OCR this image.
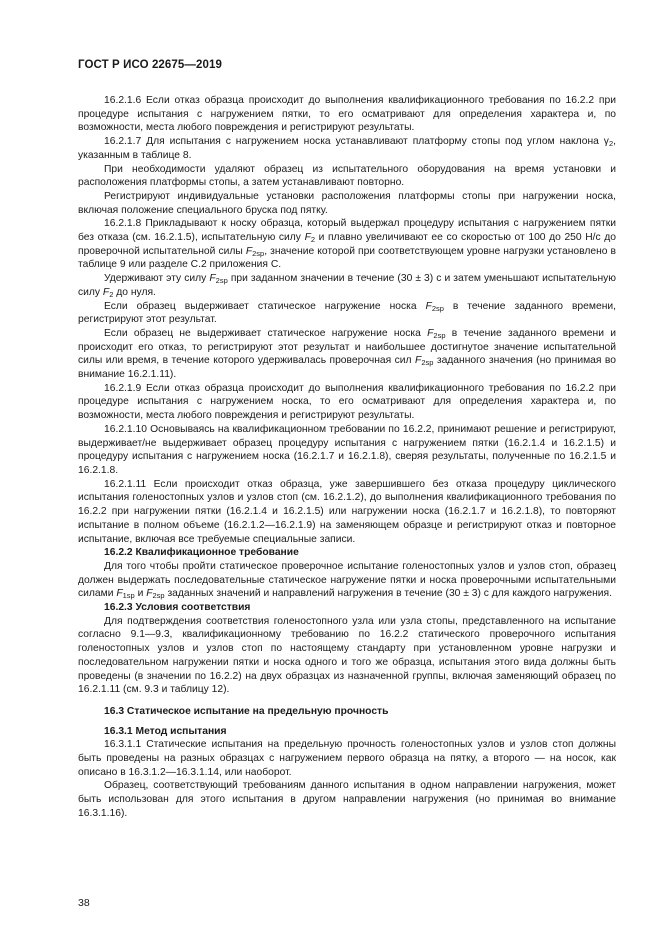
ГОСТ Р ИСО 22675—2019

16.2.1.6 Если отказ образца происходит до выполнения квалификационного требования по 16.2.2 при процедуре испытания с нагружением пятки, то его осматривают для определения характера и, по возможности, места любого повреждения и регистрируют результаты.

16.2.1.7 Для испытания с нагружением носка устанавливают платформу стопы под углом наклона $\gamma_2$, указанным в таблице 8.

При необходимости удаляют образец из испытательного оборудования на время установки и расположения платформы стопы, а затем устанавливают повторно.

Регистрируют индивидуальные установки расположения платформы стопы при нагружении носка, включая положение специального бруска под пятку.

16.2.1.8 Прикладывают к носку образца, который выдержал процедуру испытания с нагружением пятки без отказа (см. 16.2.1.5), испытательную силу $F_2$ и плавно увеличивают ее со скоростью от 100 до 250 Н/с до проверочной испытательной силы $F_{2sp}$, значение которой при соответствующем уровне нагрузки установлено в таблице 9 или разделе С.2 приложения С.

Удерживают эту силу $F_{2sp}$ при заданном значении в течение (30 ± 3) с и затем уменьшают испытательную силу $F_2$ до нуля.

Если образец выдерживает статическое нагружение носка $F_{2sp}$ в течение заданного времени, регистрируют этот результат.

Если образец не выдерживает статическое нагружение носка $F_{2sp}$ в течение заданного времени и происходит его отказ, то регистрируют этот результат и наибольшее достигнутое значение испытательной силы или время, в течение которого удерживалась проверочная сил $F_{2sp}$ заданного значения (но принимая во внимание 16.2.1.11).

16.2.1.9 Если отказ образца происходит до выполнения квалификационного требования по 16.2.2 при процедуре испытания с нагружением носка, то его осматривают для определения характера и, по возможности, места любого повреждения и регистрируют результаты.

16.2.1.10 Основываясь на квалификационном требовании по 16.2.2, принимают решение и регистрируют, выдерживает/не выдерживает образец процедуру испытания с нагружением пятки (16.2.1.4 и 16.2.1.5) и процедуру испытания с нагружением носка (16.2.1.7 и 16.2.1.8), сверяя результаты, полученные по 16.2.1.5 и 16.2.1.8.

16.2.1.11 Если происходит отказ образца, уже завершившего без отказа процедуру циклического испытания голеностопных узлов и узлов стоп (см. 16.2.1.2), до выполнения квалификационного требования по 16.2.2 при нагружении пятки (16.2.1.4 и 16.2.1.5) или нагружении носка (16.2.1.7 и 16.2.1.8), то повторяют испытание в полном объеме (16.2.1.2—16.2.1.9) на заменяющем образце и регистрируют отказ и повторное испытание, включая все требуемые специальные записи.

16.2.2 Квалификационное требование

Для того чтобы пройти статическое проверочное испытание голеностопных узлов и узлов стоп, образец должен выдержать последовательные статическое нагружение пятки и носка проверочными испытательными силами $F_{1sp}$ и $F_{2sp}$ заданных значений и направлений нагружения в течение (30 ± 3) с для каждого нагружения.

16.2.3 Условия соответствия

Для подтверждения соответствия голеностопного узла или узла стопы, представленного на испытание согласно 9.1—9.3, квалификационному требованию по 16.2.2 статического проверочного испытания голеностопных узлов и узлов стоп по настоящему стандарту при установленном уровне нагрузки и последовательном нагружении пятки и носка одного и того же образца, испытания этого вида должны быть проведены (в значении по 16.2.2) на двух образцах из назначенной группы, включая заменяющий образец по 16.2.1.11 (см. 9.3 и таблицу 12).

16.3 Статическое испытание на предельную прочность

16.3.1 Метод испытания

16.3.1.1 Статические испытания на предельную прочность голеностопных узлов и узлов стоп должны быть проведены на разных образцах с нагружением первого образца на пятку, а второго — на носок, как описано в 16.3.1.2—16.3.1.14, или наоборот.

Образец, соответствующий требованиям данного испытания в одном направлении нагружения, может быть использован для этого испытания в другом направлении нагружения (но принимая во внимание 16.3.1.16).

38
